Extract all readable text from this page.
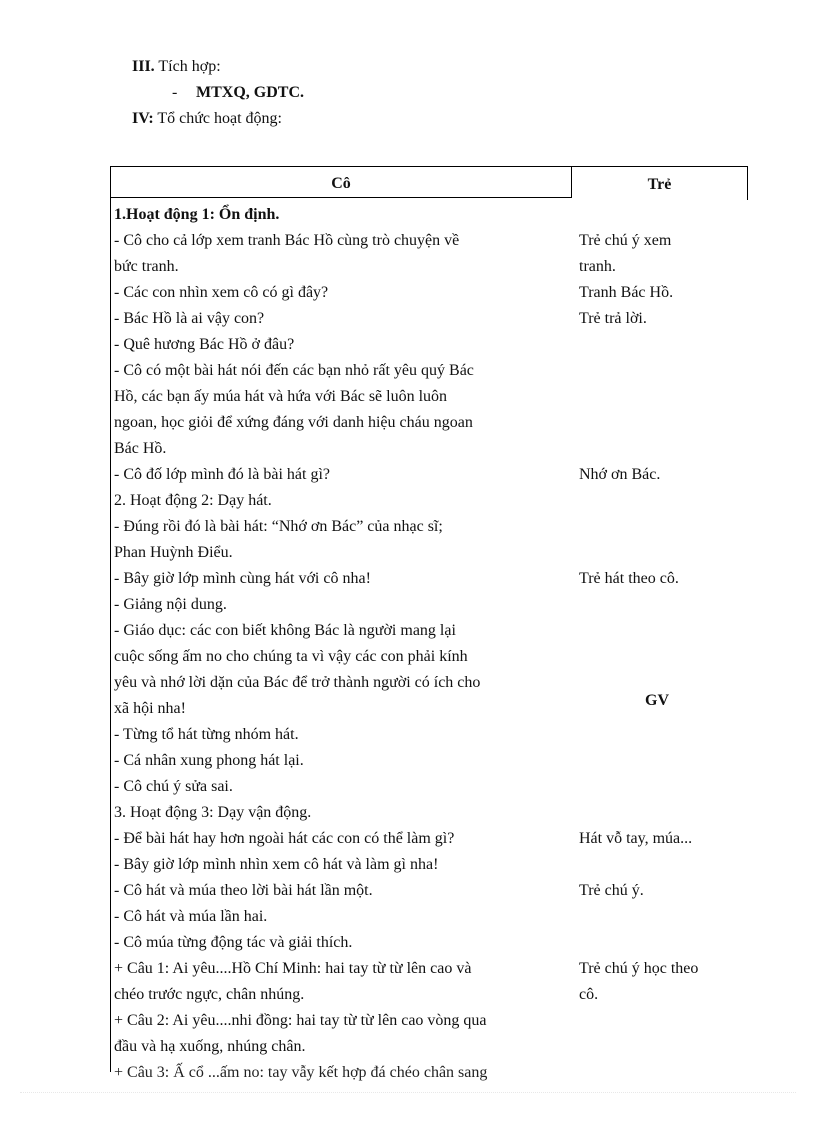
III. Tích hợp:
- MTXQ, GDTC.
IV: Tổ chức hoạt động:
Cô	Trẻ
1.Hoạt động 1: Ổn định.
- Cô cho cả lớp xem tranh Bác Hồ cùng trò chuyện về
bức tranh.
- Các con nhìn xem cô có gì đây?
- Bác Hồ là ai vậy con?
- Quê hương Bác Hồ ở đâu?
- Cô có một bài hát nói đến các bạn nhỏ rất yêu quý Bác
Hồ, các bạn ấy múa hát và hứa với Bác sẽ luôn luôn
ngoan, học giỏi để xứng đáng với danh hiệu cháu ngoan
Bác Hồ.
- Cô đố lớp mình đó là bài hát gì?
2. Hoạt động 2: Dạy hát.
- Đúng rồi đó là bài hát: “Nhớ ơn Bác” của nhạc sĩ;
Phan Huỳnh Điểu.
- Bây giờ lớp mình cùng hát với cô nha!
- Giảng nội dung.
- Giáo dục: các con biết không Bác là người mang lại
cuộc sống ấm no cho chúng ta vì vậy các con phải kính
yêu và nhớ lời dặn của Bác để trở thành người có ích cho
xã hội nha!
- Từng tổ hát từng nhóm hát.
- Cá nhân xung phong hát lại.
- Cô chú ý sửa sai.
3. Hoạt động 3: Dạy vận động.
- Để bài hát hay hơn ngoài hát các con có thể làm gì?
- Bây giờ lớp mình nhìn xem cô hát và làm gì nha!
- Cô hát và múa theo lời bài hát lần một.
- Cô hát và múa lần hai.
- Cô múa từng động tác và giải thích.
+ Câu 1: Ai yêu....Hồ Chí Minh: hai tay từ từ lên cao và
chéo trước ngực, chân nhúng.
+ Câu 2: Ai yêu....nhi đồng: hai tay từ từ lên cao vòng qua
đầu và hạ xuống, nhúng chân.
+ Câu 3: Ấ cổ ...ấm no: tay vẫy kết hợp đá chéo chân sang
Trẻ chú ý xem
tranh.
Tranh Bác Hồ.
Trẻ trả lời.
Nhớ ơn Bác.
Trẻ hát theo cô.
GV
Hát vỗ tay, múa...
Trẻ chú ý.
Trẻ chú ý học theo
cô.
